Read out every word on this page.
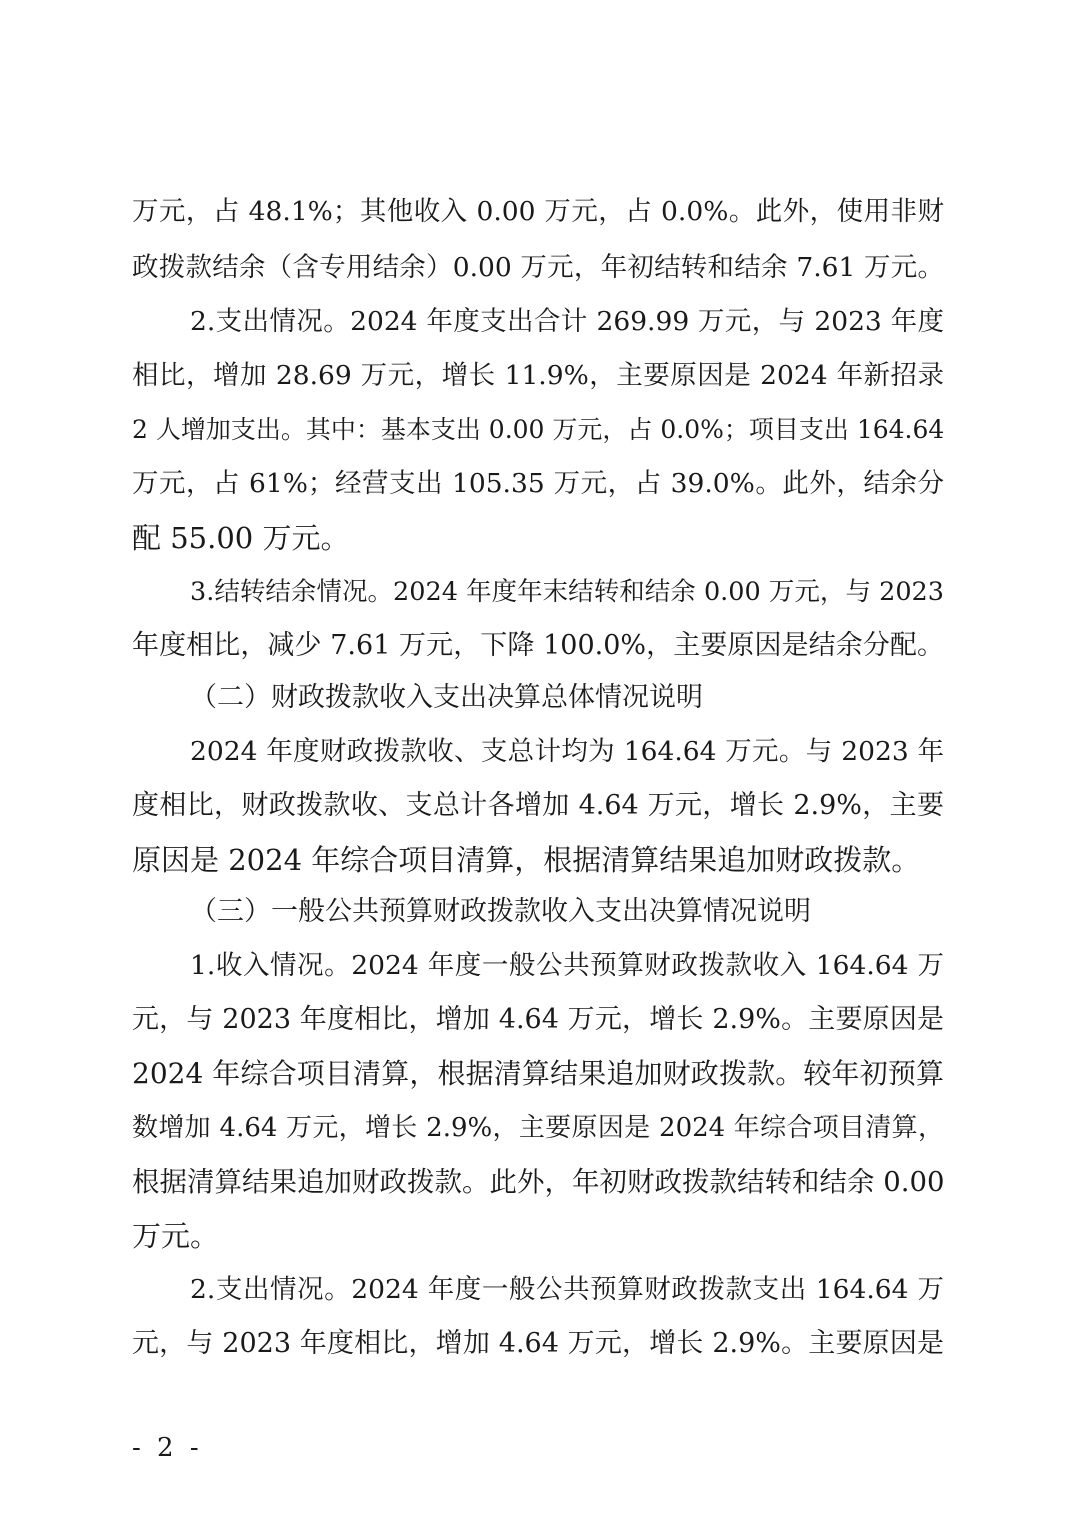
万元，占 48.1%；其他收入 0.00 万元，占 0.0%。此外，使用非财
政拨款结余（含专用结余）0.00 万元，年初结转和结余 7.61 万元。
2.支出情况。2024 年度支出合计 269.99 万元，与 2023 年度
相比，增加 28.69 万元，增长 11.9%，主要原因是 2024 年新招录
2 人增加支出。其中：基本支出 0.00 万元，占 0.0%；项目支出 164.64
万元，占 61%；经营支出 105.35 万元，占 39.0%。此外，结余分
配 55.00 万元。
3.结转结余情况。2024 年度年末结转和结余 0.00 万元，与 2023
年度相比，减少 7.61 万元，下降 100.0%，主要原因是结余分配。
（二）财政拨款收入支出决算总体情况说明
2024 年度财政拨款收、支总计均为 164.64 万元。与 2023 年
度相比，财政拨款收、支总计各增加 4.64 万元，增长 2.9%，主要
原因是 2024 年综合项目清算，根据清算结果追加财政拨款。
（三）一般公共预算财政拨款收入支出决算情况说明
1.收入情况。2024 年度一般公共预算财政拨款收入 164.64 万
元，与 2023 年度相比，增加 4.64 万元，增长 2.9%。主要原因是
2024 年综合项目清算，根据清算结果追加财政拨款。较年初预算
数增加 4.64 万元，增长 2.9%，主要原因是 2024 年综合项目清算，
根据清算结果追加财政拨款。此外，年初财政拨款结转和结余 0.00
万元。
2.支出情况。2024 年度一般公共预算财政拨款支出 164.64 万
元，与 2023 年度相比，增加 4.64 万元，增长 2.9%。主要原因是
- 2 -
